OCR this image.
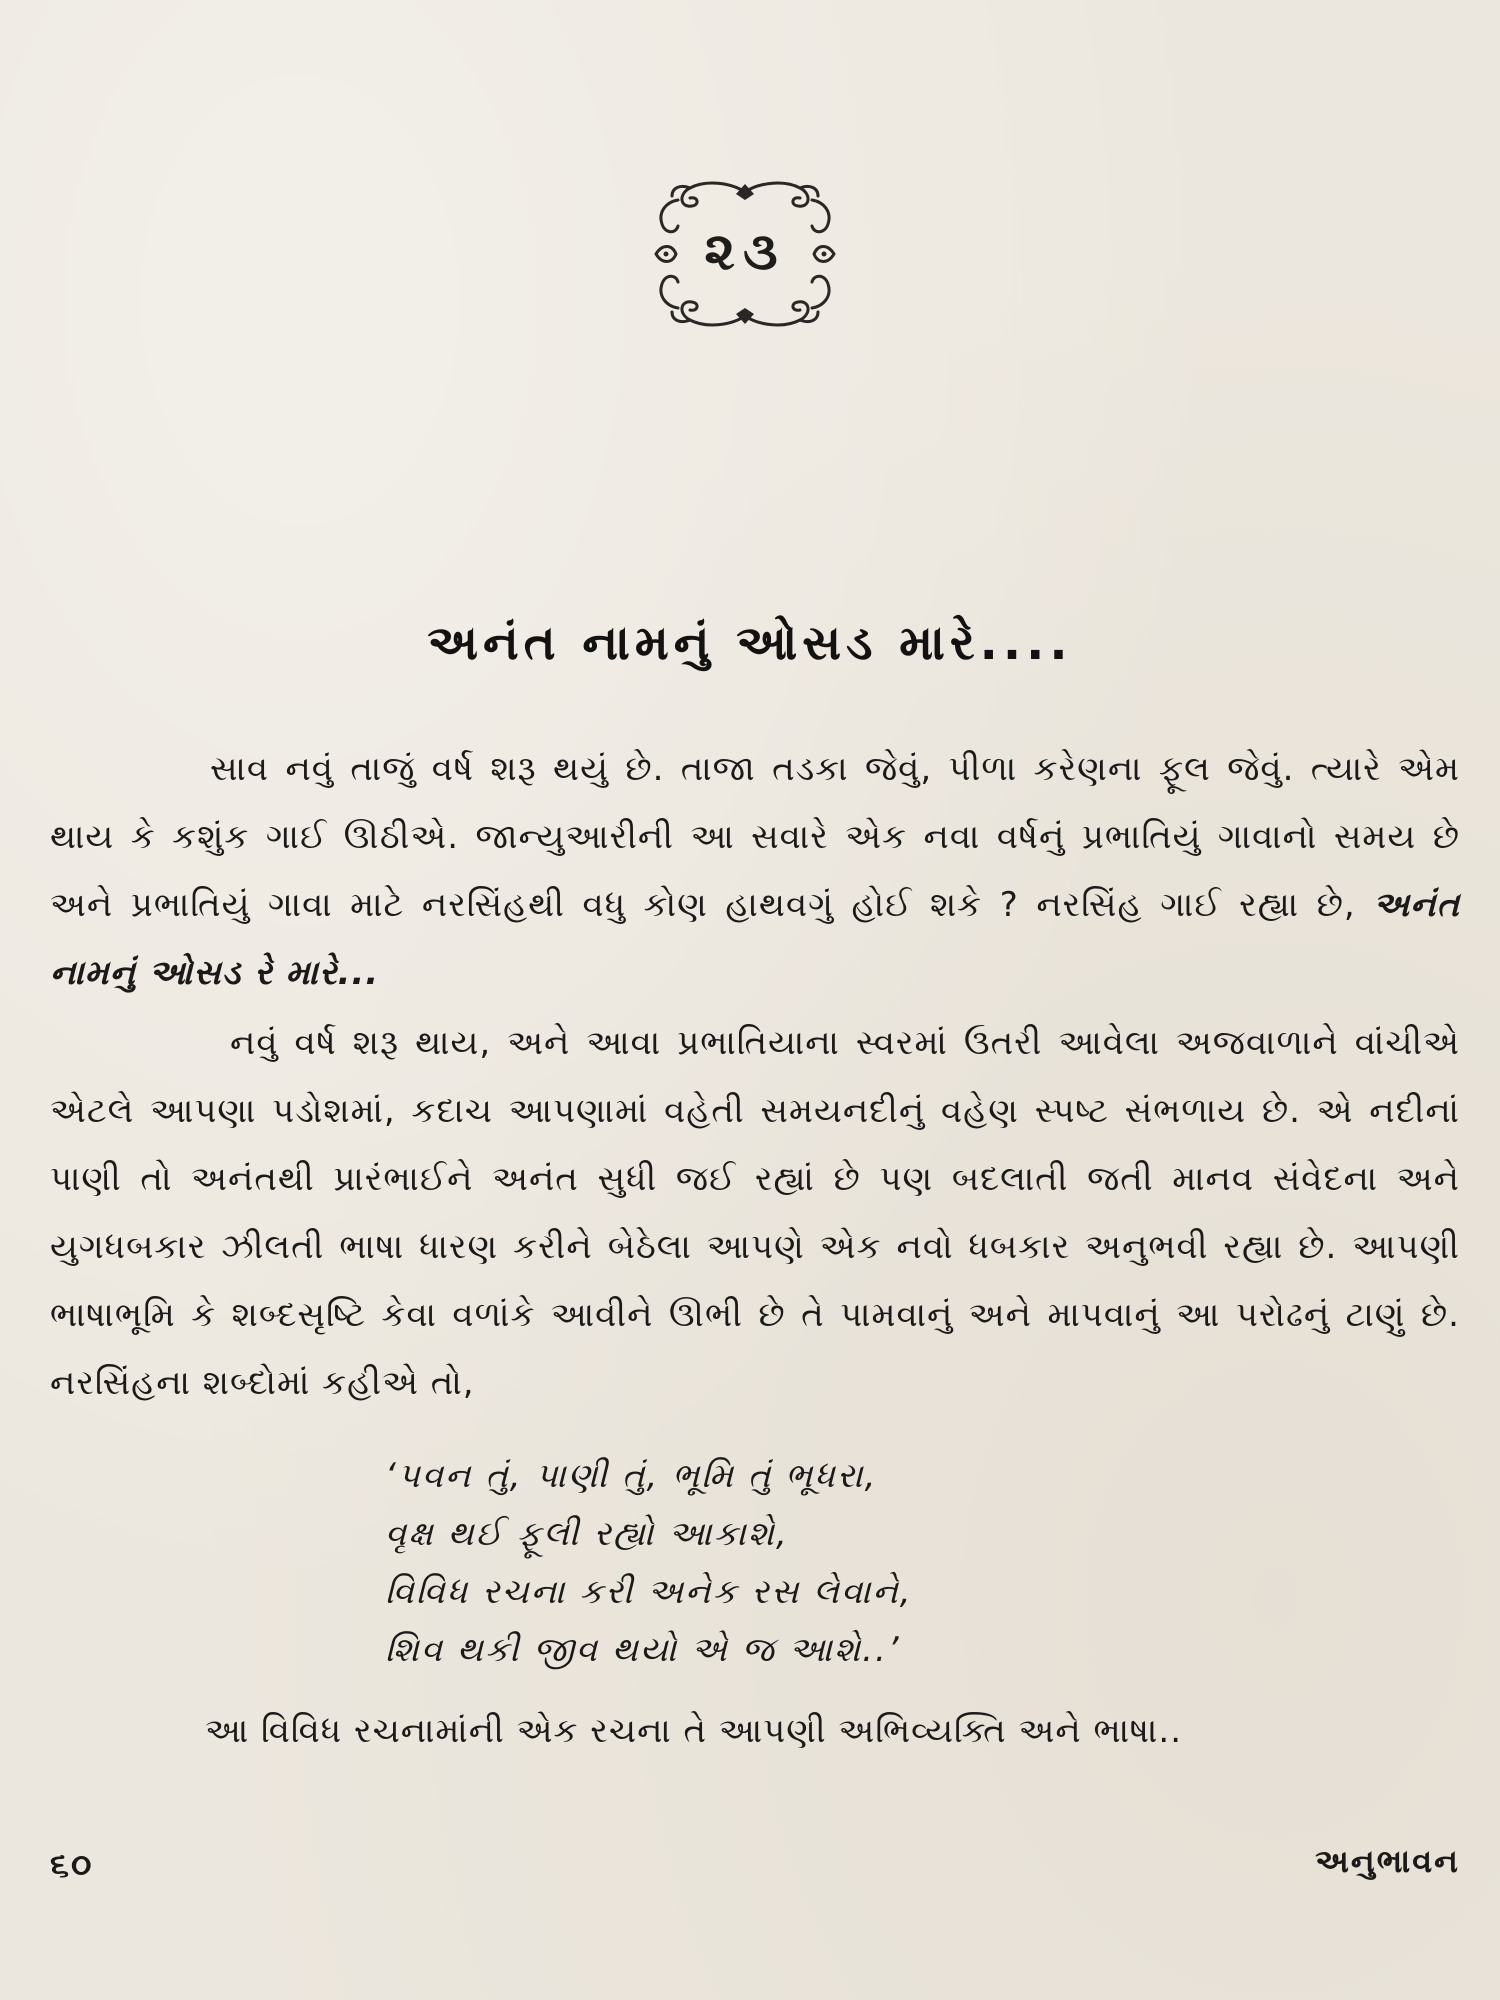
૨૩
અનંત નામનું ઓસડ મારે....

સાવ નવું તાજું વર્ષ શરૂ થયું છે. તાજા તડકા જેવું, પીળા કરેણના ફૂલ જેવું. ત્યારે એમ થાય કે કશુંક ગાઈ ઊઠીએ. જાન્યુઆરીની આ સવારે એક નવા વર્ષનું પ્રભાતિયું ગાવાનો સમય છે અને પ્રભાતિયું ગાવા માટે નરસિંહથી વધુ કોણ હાથવગું હોઈ શકે ? નરસિંહ ગાઈ રહ્યા છે, અનંત નામનું ઓસડ રે મારે...

નવું વર્ષ શરૂ થાય, અને આવા પ્રભાતિયાના સ્વરમાં ઉતરી આવેલા અજવાળાને વાંચીએ એટલે આપણા પડોશમાં, કદાચ આપણામાં વહેતી સમયનદીનું વહેણ સ્પષ્ટ સંભળાય છે. એ નદીનાં પાણી તો અનંતથી પ્રારંભાઈને અનંત સુધી જઈ રહ્યાં છે પણ બદલાતી જતી માનવ સંવેદના અને યુગધબકાર ઝીલતી ભાષા ધારણ કરીને બેઠેલા આપણે એક નવો ધબકાર અનુભવી રહ્યા છે. આપણી ભાષાભૂમિ કે શબ્દસૃષ્ટિ કેવા વળાંકે આવીને ઊભી છે તે પામવાનું અને માપવાનું આ પરોઢનું ટાણું છે. નરસિંહના શબ્દોમાં કહીએ તો,

‘પવન તું, પાણી તું, ભૂમિ તું ભૂધરા,
વૃક્ષ થઈ ફૂલી રહ્યો આકાશે,
વિવિધ રચના કરી અનેક રસ લેવાને,
શિવ થકી જીવ થયો એ જ આશે..’
આ વિવિધ રચનામાંની એક રચના તે આપણી અભિવ્યક્તિ અને ભાષા..
૬૦	અનુભાવન
